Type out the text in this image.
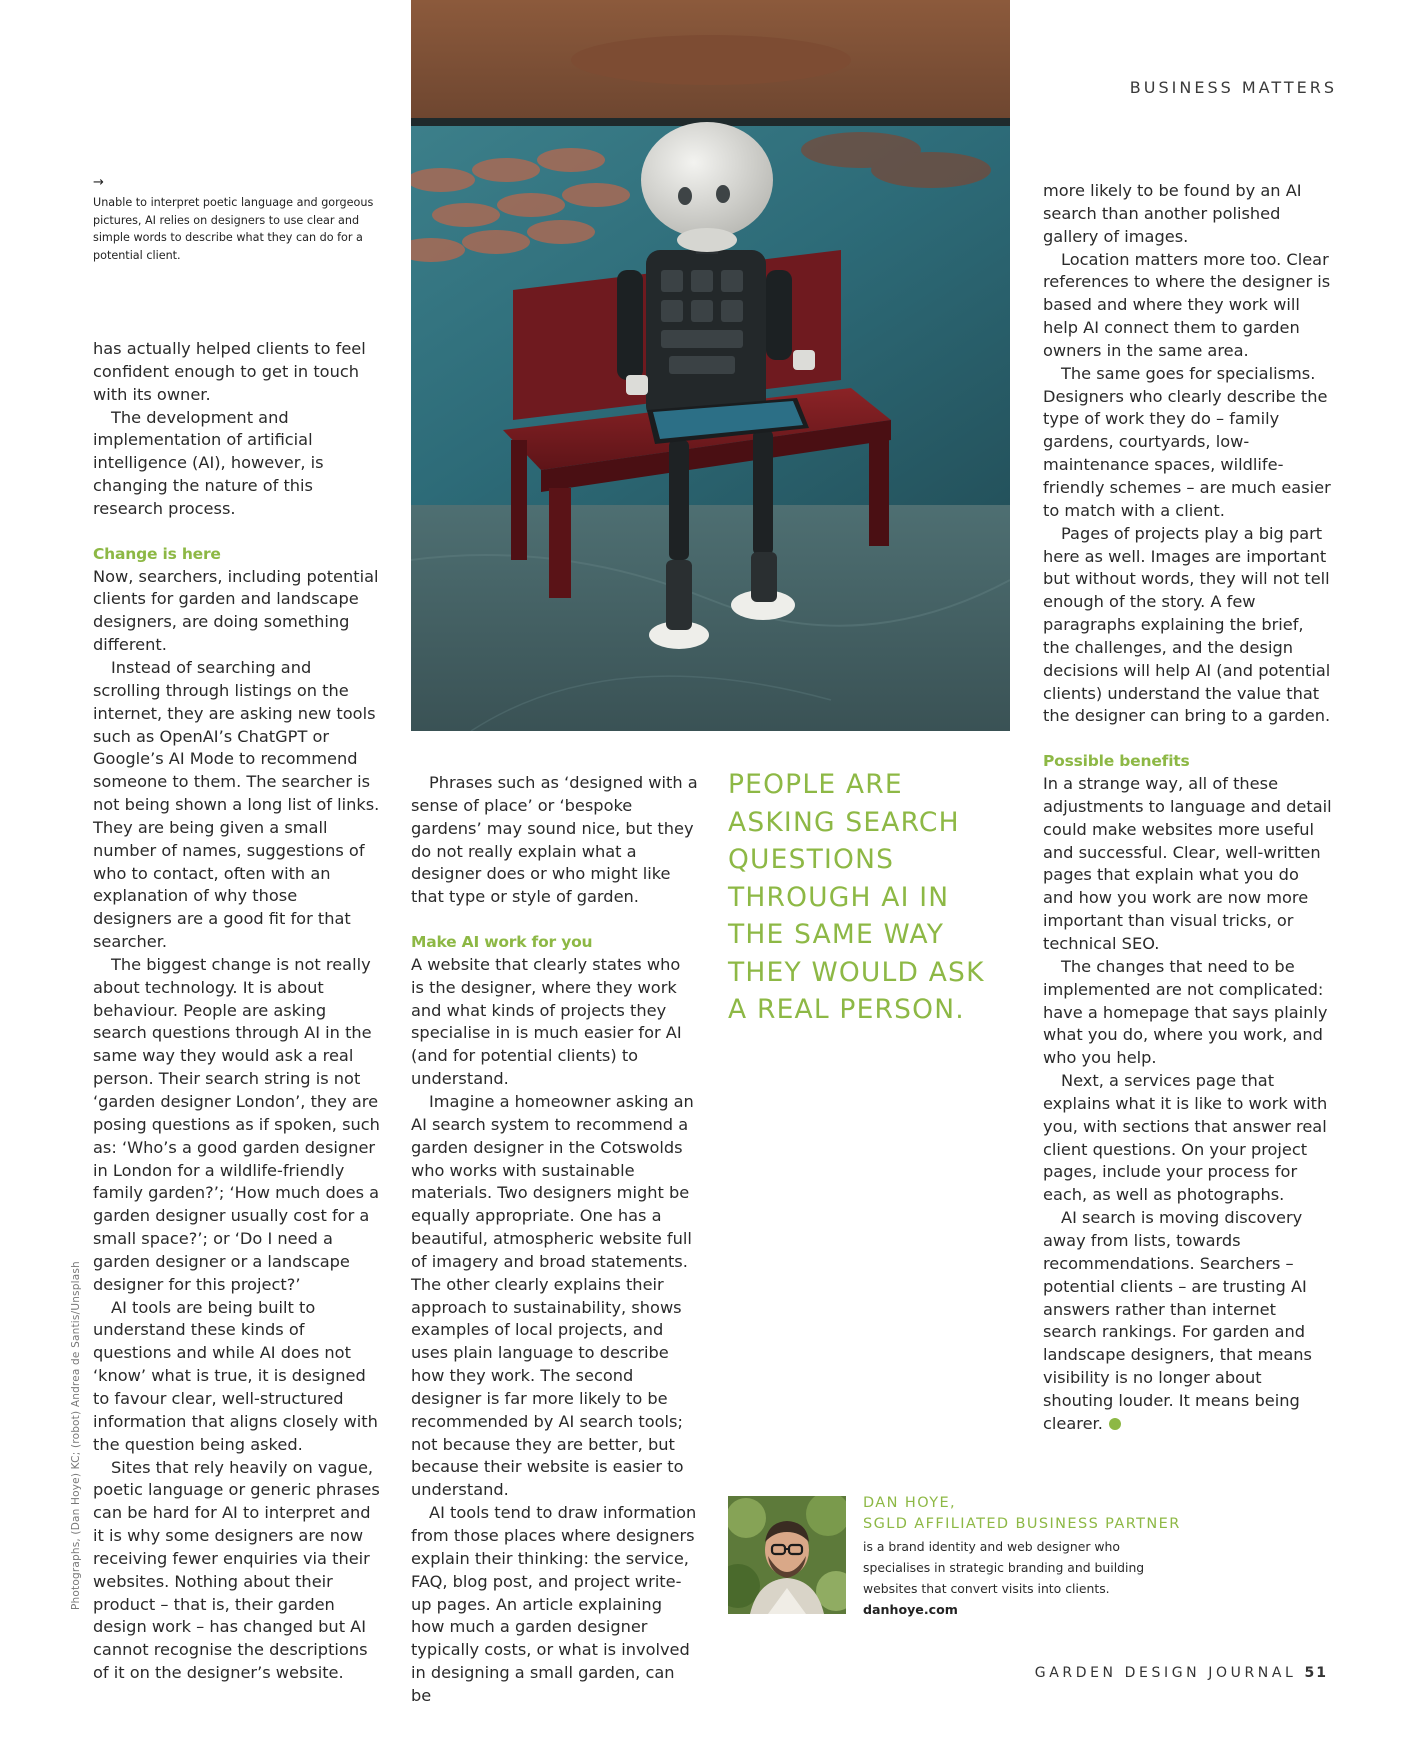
BUSINESS MATTERS
→
Unable to interpret poetic language and gorgeous pictures, AI relies on designers to use clear and simple words to describe what they can do for a potential client.

has actually helped clients to feel confident enough to get in touch with its owner.

The development and implementation of artificial intelligence (AI), however, is changing the nature of this research process.

Change is here

Now, searchers, including potential clients for garden and landscape designers, are doing something different.

Instead of searching and scrolling through listings on the internet, they are asking new tools such as OpenAI’s ChatGPT or Google’s AI Mode to recommend someone to them. The searcher is not being shown a long list of links. They are being given a small number of names, suggestions of who to contact, often with an explanation of why those designers are a good fit for that searcher.

The biggest change is not really about technology. It is about behaviour. People are asking search questions through AI in the same way they would ask a real person. Their search string is not ‘garden designer London’, they are posing questions as if spoken, such as: ‘Who’s a good garden designer in London for a wildlife-friendly family garden?’; ‘How much does a garden designer usually cost for a small space?’; or ‘Do I need a garden designer or a landscape designer for this project?’

AI tools are being built to understand these kinds of questions and while AI does not ‘know’ what is true, it is designed to favour clear, well-structured information that aligns closely with the question being asked.

Sites that rely heavily on vague, poetic language or generic phrases can be hard for AI to interpret and it is why some designers are now receiving fewer enquiries via their websites. Nothing about their product – that is, their garden design work – has changed but AI cannot recognise the descriptions of it on the designer’s website.

Phrases such as ‘designed with a sense of place’ or ‘bespoke gardens’ may sound nice, but they do not really explain what a designer does or who might like that type or style of garden.

Make AI work for you

A website that clearly states who is the designer, where they work and what kinds of projects they specialise in is much easier for AI (and for potential clients) to understand.

Imagine a homeowner asking an AI search system to recommend a garden designer in the Cotswolds who works with sustainable materials. Two designers might be equally appropriate. One has a beautiful, atmospheric website full of imagery and broad statements. The other clearly explains their approach to sustainability, shows examples of local projects, and uses plain language to describe how they work. The second designer is far more likely to be recommended by AI search tools; not because they are better, but because their website is easier to understand.

AI tools tend to draw information from those places where designers explain their thinking: the service, FAQ, blog post, and project write-up pages. An article explaining how much a garden designer typically costs, or what is involved in designing a small garden, can be

PEOPLE ARE ASKING SEARCH QUESTIONS THROUGH AI IN THE SAME WAY THEY WOULD ASK A REAL PERSON.

more likely to be found by an AI search than another polished gallery of images.

Location matters more too. Clear references to where the designer is based and where they work will help AI connect them to garden owners in the same area.

The same goes for specialisms. Designers who clearly describe the type of work they do – family gardens, courtyards, low-maintenance spaces, wildlife-friendly schemes – are much easier to match with a client.

Pages of projects play a big part here as well. Images are important but without words, they will not tell enough of the story. A few paragraphs explaining the brief, the challenges, and the design decisions will help AI (and potential clients) understand the value that the designer can bring to a garden.

Possible benefits

In a strange way, all of these adjustments to language and detail could make websites more useful and successful. Clear, well-written pages that explain what you do and how you work are now more important than visual tricks, or technical SEO.

The changes that need to be implemented are not complicated: have a homepage that says plainly what you do, where you work, and who you help.

Next, a services page that explains what it is like to work with you, with sections that answer real client questions. On your project pages, include your process for each, as well as photographs.

AI search is moving discovery away from lists, towards recommendations. Searchers – potential clients – are trusting AI answers rather than internet search rankings. For garden and landscape designers, that means visibility is no longer about shouting louder. It means being clearer.

DAN HOYE,
SGLD AFFILIATED BUSINESS PARTNER
is a brand identity and web designer who specialises in strategic branding and building websites that convert visits into clients.
danhoye.com
Photographs, (Dan Hoye) KC; (robot) Andrea de Santis/Unsplash
GARDEN DESIGN JOURNAL 51
